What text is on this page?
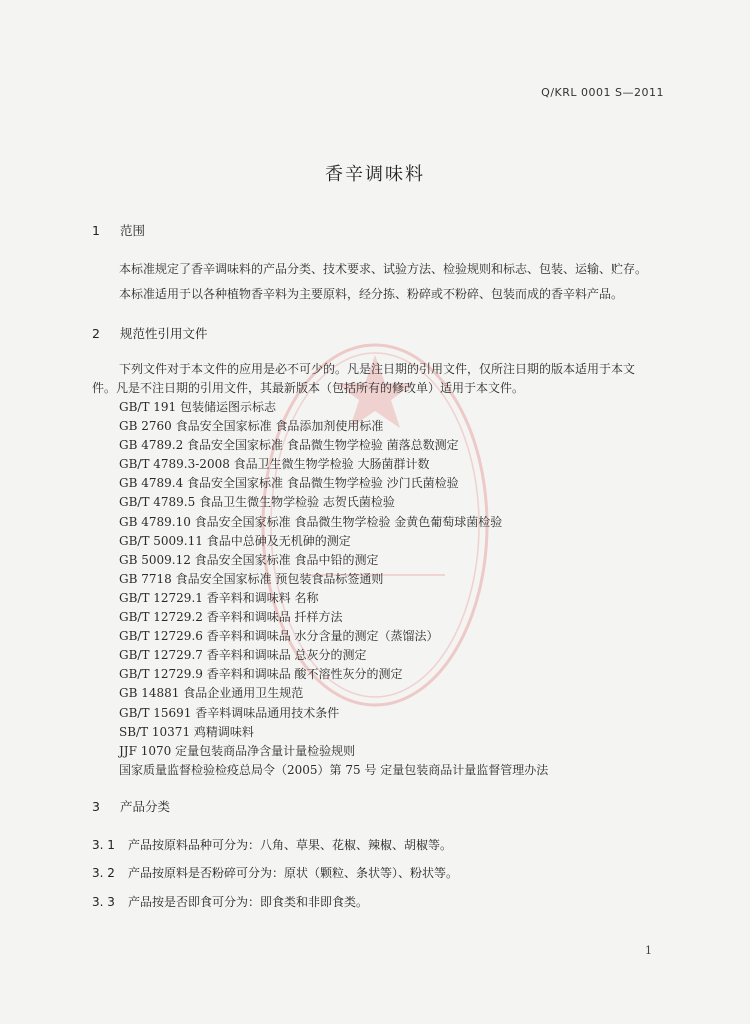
Q/KRL 0001 S—2011
香辛调味料
1 范围
本标准规定了香辛调味料的产品分类、技术要求、试验方法、检验规则和标志、包装、运输、贮存。
本标准适用于以各种植物香辛料为主要原料，经分拣、粉碎或不粉碎、包装而成的香辛料产品。
2 规范性引用文件
下列文件对于本文件的应用是必不可少的。凡是注日期的引用文件，仅所注日期的版本适用于本文
件。凡是不注日期的引用文件，其最新版本（包括所有的修改单）适用于本文件。
GB/T 191 包装储运图示标志
GB 2760 食品安全国家标准 食品添加剂使用标准
GB 4789.2 食品安全国家标准 食品微生物学检验 菌落总数测定
GB/T 4789.3-2008 食品卫生微生物学检验 大肠菌群计数
GB 4789.4 食品安全国家标准 食品微生物学检验 沙门氏菌检验
GB/T 4789.5 食品卫生微生物学检验 志贺氏菌检验
GB 4789.10 食品安全国家标准 食品微生物学检验 金黄色葡萄球菌检验
GB/T 5009.11 食品中总砷及无机砷的测定
GB 5009.12 食品安全国家标准 食品中铅的测定
GB 7718 食品安全国家标准 预包装食品标签通则
GB/T 12729.1 香辛料和调味料 名称
GB/T 12729.2 香辛料和调味品 扦样方法
GB/T 12729.6 香辛料和调味品 水分含量的测定（蒸馏法）
GB/T 12729.7 香辛料和调味品 总灰分的测定
GB/T 12729.9 香辛料和调味品 酸不溶性灰分的测定
GB 14881 食品企业通用卫生规范
GB/T 15691 香辛料调味品通用技术条件
SB/T 10371 鸡精调味料
JJF 1070 定量包装商品净含量计量检验规则
国家质量监督检验检疫总局令（2005）第 75 号 定量包装商品计量监督管理办法
3 产品分类
3. 1 产品按原料品种可分为：八角、草果、花椒、辣椒、胡椒等。
3. 2 产品按原料是否粉碎可分为：原状（颗粒、条状等）、粉状等。
3. 3 产品按是否即食可分为：即食类和非即食类。
1
